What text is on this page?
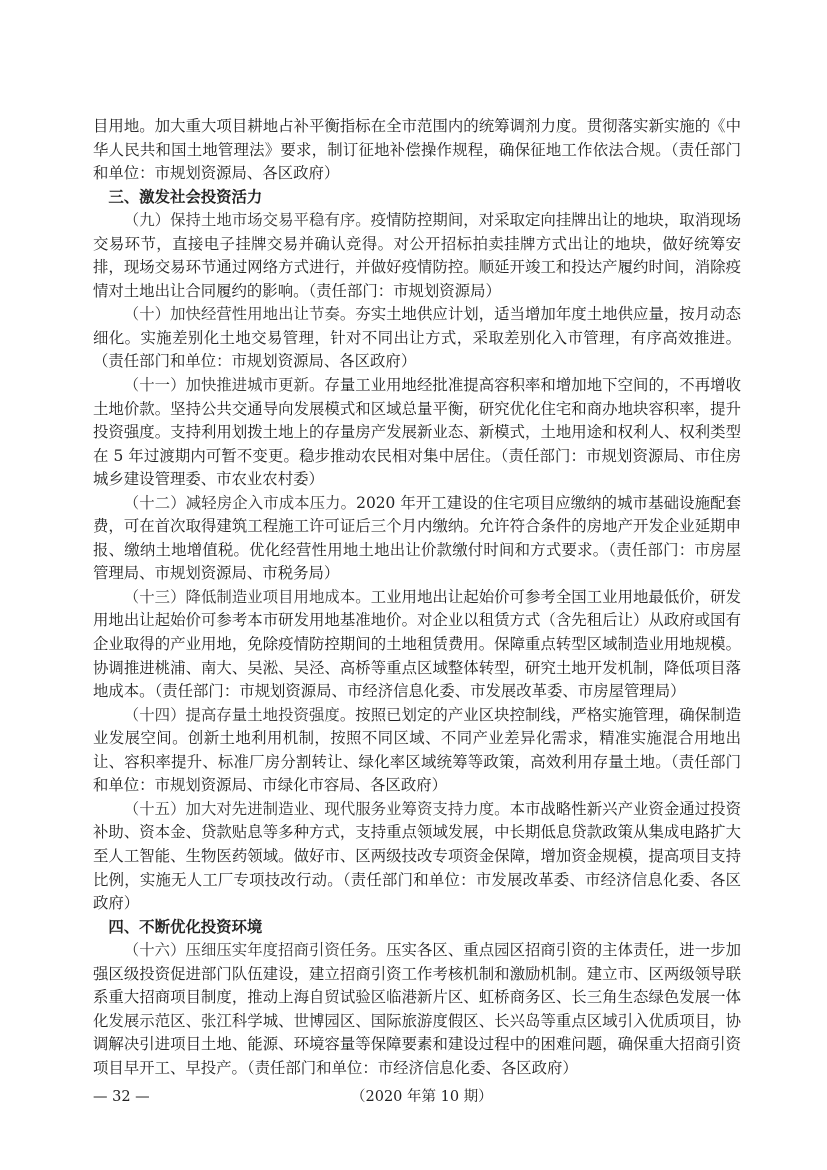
目用地。加大重大项目耕地占补平衡指标在全市范围内的统筹调剂力度。贯彻落实新实施的《中华人民共和国土地管理法》要求，制订征地补偿操作规程，确保征地工作依法合规。（责任部门和单位：市规划资源局、各区政府）

三、激发社会投资活力

（九）保持土地市场交易平稳有序。疫情防控期间，对采取定向挂牌出让的地块，取消现场交易环节，直接电子挂牌交易并确认竞得。对公开招标拍卖挂牌方式出让的地块，做好统筹安排，现场交易环节通过网络方式进行，并做好疫情防控。顺延开竣工和投达产履约时间，消除疫情对土地出让合同履约的影响。（责任部门：市规划资源局）

（十）加快经营性用地出让节奏。夯实土地供应计划，适当增加年度土地供应量，按月动态细化。实施差别化土地交易管理，针对不同出让方式，采取差别化入市管理，有序高效推进。（责任部门和单位：市规划资源局、各区政府）

（十一）加快推进城市更新。存量工业用地经批准提高容积率和增加地下空间的，不再增收土地价款。坚持公共交通导向发展模式和区域总量平衡，研究优化住宅和商办地块容积率，提升投资强度。支持利用划拨土地上的存量房产发展新业态、新模式，土地用途和权利人、权利类型在 5 年过渡期内可暂不变更。稳步推动农民相对集中居住。（责任部门：市规划资源局、市住房城乡建设管理委、市农业农村委）

（十二）减轻房企入市成本压力。2020 年开工建设的住宅项目应缴纳的城市基础设施配套费，可在首次取得建筑工程施工许可证后三个月内缴纳。允许符合条件的房地产开发企业延期申报、缴纳土地增值税。优化经营性用地土地出让价款缴付时间和方式要求。（责任部门：市房屋管理局、市规划资源局、市税务局）

（十三）降低制造业项目用地成本。工业用地出让起始价可参考全国工业用地最低价，研发用地出让起始价可参考本市研发用地基准地价。对企业以租赁方式（含先租后让）从政府或国有企业取得的产业用地，免除疫情防控期间的土地租赁费用。保障重点转型区域制造业用地规模。协调推进桃浦、南大、吴淞、吴泾、高桥等重点区域整体转型，研究土地开发机制，降低项目落地成本。（责任部门：市规划资源局、市经济信息化委、市发展改革委、市房屋管理局）

（十四）提高存量土地投资强度。按照已划定的产业区块控制线，严格实施管理，确保制造业发展空间。创新土地利用机制，按照不同区域、不同产业差异化需求，精准实施混合用地出让、容积率提升、标准厂房分割转让、绿化率区域统筹等政策，高效利用存量土地。（责任部门和单位：市规划资源局、市绿化市容局、各区政府）

（十五）加大对先进制造业、现代服务业筹资支持力度。本市战略性新兴产业资金通过投资补助、资本金、贷款贴息等多种方式，支持重点领域发展，中长期低息贷款政策从集成电路扩大至人工智能、生物医药领域。做好市、区两级技改专项资金保障，增加资金规模，提高项目支持比例，实施无人工厂专项技改行动。（责任部门和单位：市发展改革委、市经济信息化委、各区政府）

四、不断优化投资环境

（十六）压细压实年度招商引资任务。压实各区、重点园区招商引资的主体责任，进一步加强区级投资促进部门队伍建设，建立招商引资工作考核机制和激励机制。建立市、区两级领导联系重大招商项目制度，推动上海自贸试验区临港新片区、虹桥商务区、长三角生态绿色发展一体化发展示范区、张江科学城、世博园区、国际旅游度假区、长兴岛等重点区域引入优质项目，协调解决引进项目土地、能源、环境容量等保障要素和建设过程中的困难问题，确保重大招商引资项目早开工、早投产。（责任部门和单位：市经济信息化委、各区政府）

— 32 —	（2020 年第 10 期）
